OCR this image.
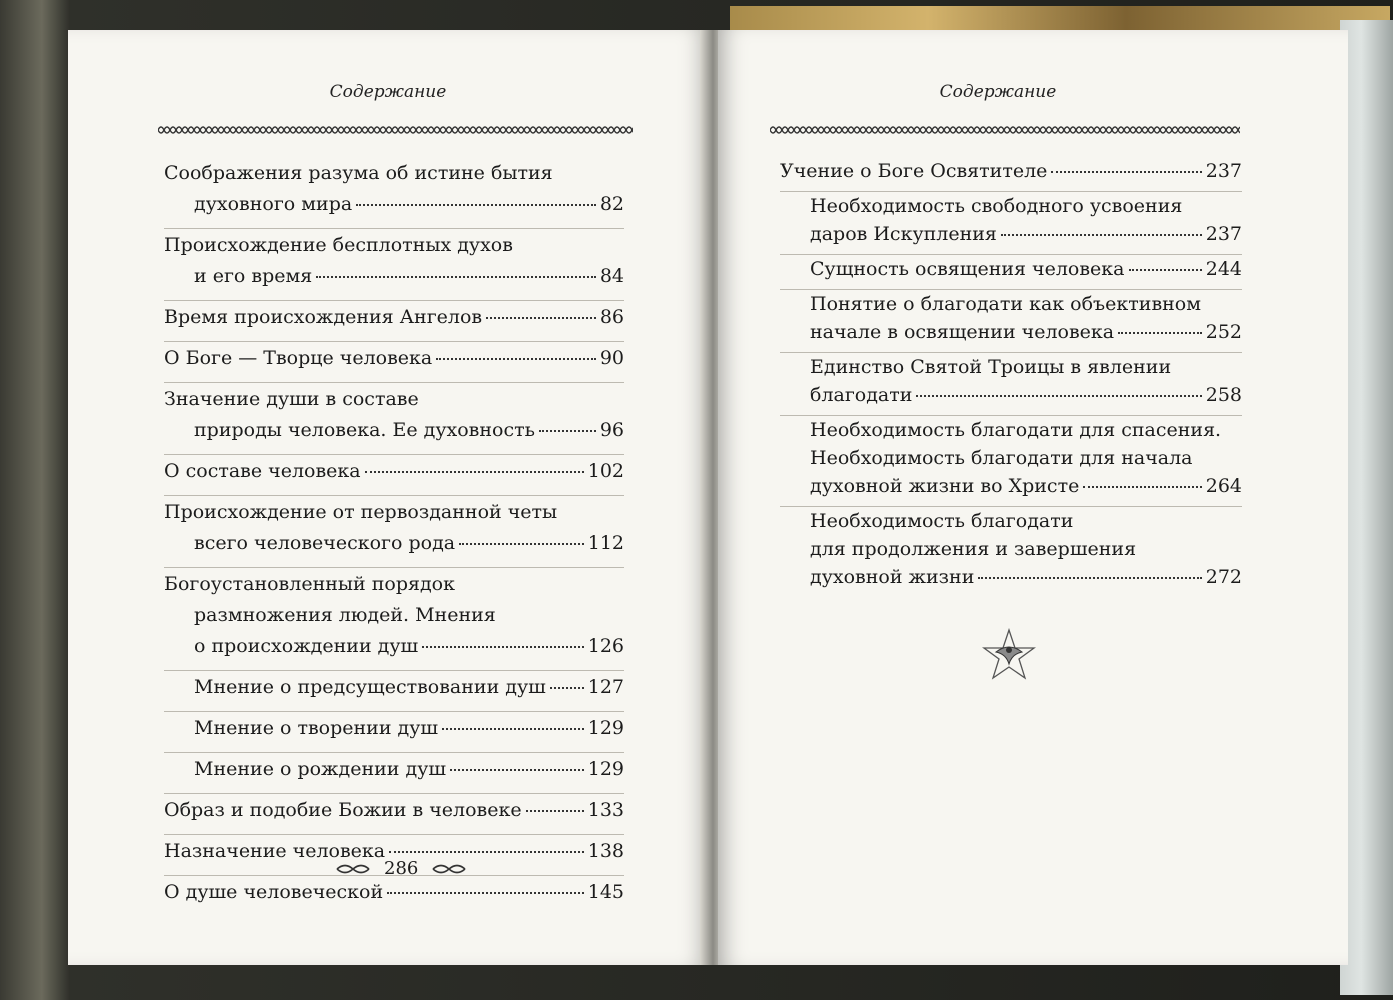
Содержание
Соображения разума об истине бытия
духовного мира	82
Происхождение бесплотных духов
и его время	84
Время происхождения Ангелов	86
О Боге — Творце человека	90
Значение души в составе
природы человека. Ее духовность	96
О составе человека	102
Происхождение от первозданной четы
всего человеческого рода	112
Богоустановленный порядок
размножения людей. Мнения
о происхождении душ	126
Мнение о предсуществовании душ 127
Мнение о творении душ	129
Мнение о рождении душ	129
Образ и подобие Божии в человеке	133
Назначение человека	138
О душе человеческой	145
286
Содержание
Учение о Боге Освятителе	237
Необходимость свободного усвоения
даров Искупления	237
Сущность освящения человека	244
Понятие о благодати как объективном
начале в освящении человека	252
Единство Святой Троицы в явлении
благодати	258
Необходимость благодати для спасения.
Необходимость благодати для начала
духовной жизни во Христе	264
Необходимость благодати
для продолжения и завершения
духовной жизни	272
